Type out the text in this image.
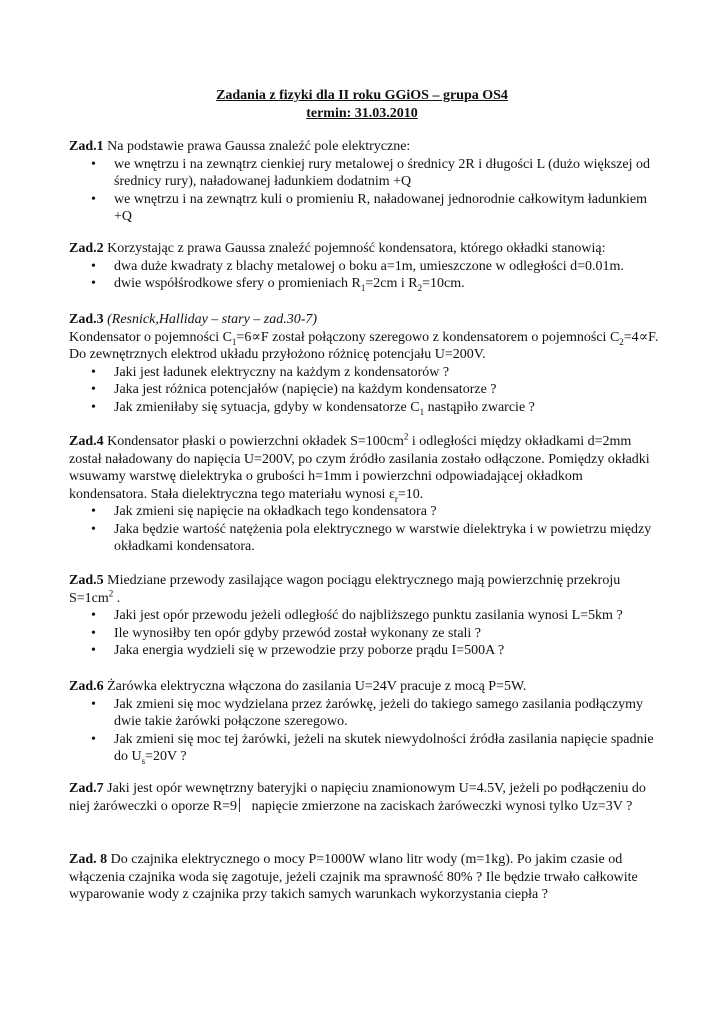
Zadania z fizyki dla II roku GGiOS – grupa OS4
termin: 31.03.2010

Zad.1 Na podstawie prawa Gaussa znaleźć pole elektryczne:

• we wnętrzu i na zewnątrz cienkiej rury metalowej o średnicy 2R i długości L (dużo większej od średnicy rury), naładowanej ładunkiem dodatnim +Q
• we wnętrzu i na zewnątrz kuli o promieniu R, naładowanej jednorodnie całkowitym ładunkiem +Q

Zad.2 Korzystając z prawa Gaussa znaleźć pojemność kondensatora, którego okładki stanowią:

• dwa duże kwadraty z blachy metalowej o boku a=1m, umieszczone w odległości d=0.01m.
• dwie współśrodkowe sfery o promieniach $R_1=2cm$ i $R_2=10cm$.

Zad.3 (Resnick,Halliday – stary – zad.30-7)

Kondensator o pojemności $C_1=6\propto F$ został połączony szeregowo z kondensatorem o pojemności $C_2=4\propto F$. Do zewnętrznych elektrod układu przyłożono różnicę potencjału U=200V.

• Jaki jest ładunek elektryczny na każdym z kondensatorów ?
• Jaka jest różnica potencjałów (napięcie) na każdym kondensatorze ?
• Jak zmieniłaby się sytuacja, gdyby w kondensatorze $C_1$ nastąpiło zwarcie ?

Zad.4 Kondensator płaski o powierzchni okładek $S=100cm^2$ i odległości między okładkami d=2mm został naładowany do napięcia U=200V, po czym źródło zasilania zostało odłączone. Pomiędzy okładki wsuwamy warstwę dielektryka o grubości h=1mm i powierzchni odpowiadającej okładkom kondensatora. Stała dielektryczna tego materiału wynosi $\varepsilon_r=10$.

• Jak zmieni się napięcie na okładkach tego kondensatora ?
• Jaka będzie wartość natężenia pola elektrycznego w warstwie dielektryka i w powietrzu między okładkami kondensatora.

Zad.5 Miedziane przewody zasilające wagon pociągu elektrycznego mają powierzchnię przekroju $S=1cm^2$ .

• Jaki jest opór przewodu jeżeli odległość do najbliższego punktu zasilania wynosi L=5km ?
• Ile wynosiłby ten opór gdyby przewód został wykonany ze stali ?
• Jaka energia wydzieli się w przewodzie przy poborze prądu I=500A ?

Zad.6 Żarówka elektryczna włączona do zasilania U=24V pracuje z mocą P=5W.

• Jak zmieni się moc wydzielana przez żarówkę, jeżeli do takiego samego zasilania podłączymy dwie takie żarówki połączone szeregowo.
• Jak zmieni się moc tej żarówki, jeżeli na skutek niewydolności źródła zasilania napięcie spadnie do $U_s=20V$ ?

Zad.7 Jaki jest opór wewnętrzny bateryjki o napięciu znamionowym U=4.5V, jeżeli po podłączeniu do niej żaróweczki o oporze R=9 napięcie zmierzone na zaciskach żaróweczki wynosi tylko Uz=3V ?

Zad. 8 Do czajnika elektrycznego o mocy P=1000W wlano litr wody (m=1kg). Po jakim czasie od włączenia czajnika woda się zagotuje, jeżeli czajnik ma sprawność 80% ? Ile będzie trwało całkowite wyparowanie wody z czajnika przy takich samych warunkach wykorzystania ciepła ?
